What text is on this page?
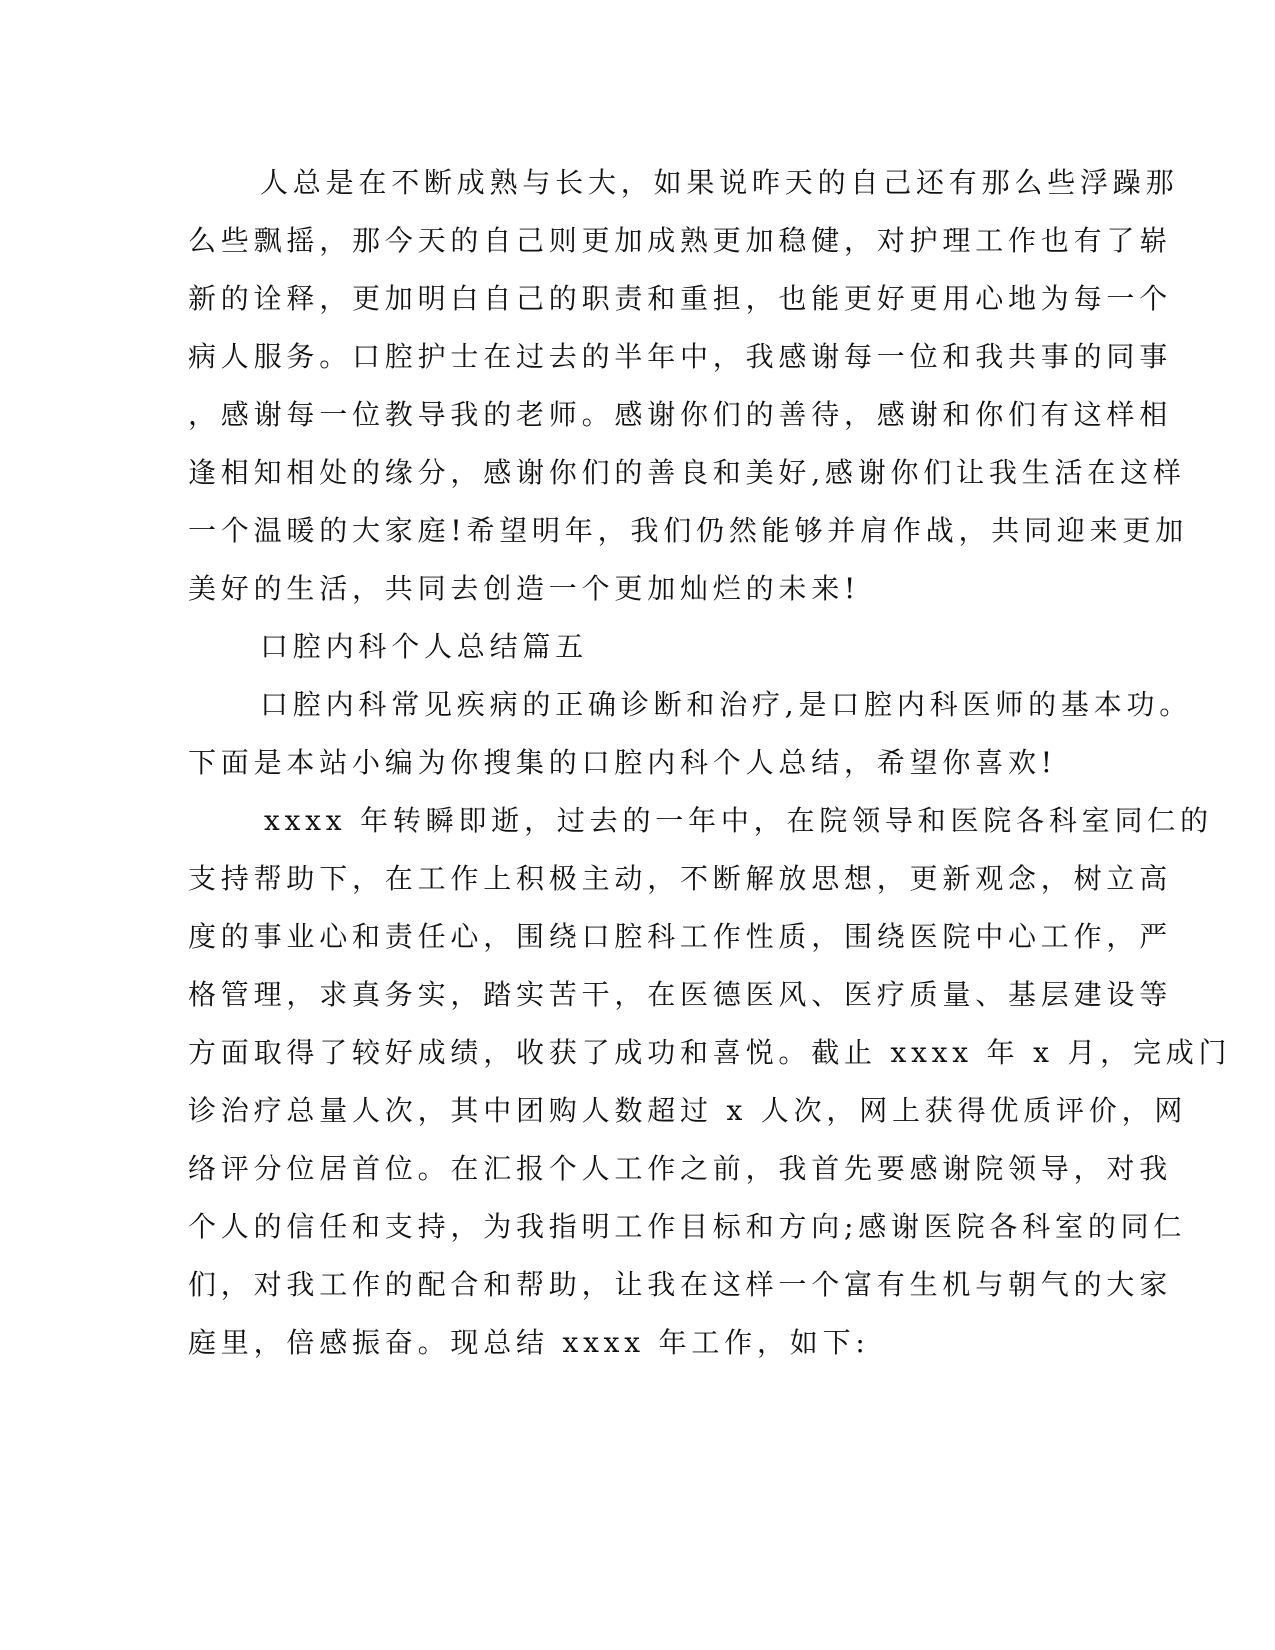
人总是在不断成熟与长大，如果说昨天的自己还有那么些浮躁那
么些飘摇，那今天的自己则更加成熟更加稳健，对护理工作也有了崭
新的诠释，更加明白自己的职责和重担，也能更好更用心地为每一个
病人服务。口腔护士在过去的半年中，我感谢每一位和我共事的同事
，感谢每一位教导我的老师。感谢你们的善待，感谢和你们有这样相
逢相知相处的缘分，感谢你们的善良和美好,感谢你们让我生活在这样
一个温暖的大家庭!希望明年，我们仍然能够并肩作战，共同迎来更加
美好的生活，共同去创造一个更加灿烂的未来!
口腔内科个人总结篇五
口腔内科常见疾病的正确诊断和治疗,是口腔内科医师的基本功。
下面是本站小编为你搜集的口腔内科个人总结，希望你喜欢!
xxxx 年转瞬即逝，过去的一年中，在院领导和医院各科室同仁的
支持帮助下，在工作上积极主动，不断解放思想，更新观念，树立高
度的事业心和责任心，围绕口腔科工作性质，围绕医院中心工作，严
格管理，求真务实，踏实苦干，在医德医风、医疗质量、基层建设等
方面取得了较好成绩，收获了成功和喜悦。截止 xxxx 年 x 月，完成门
诊治疗总量人次，其中团购人数超过 x 人次，网上获得优质评价，网
络评分位居首位。在汇报个人工作之前，我首先要感谢院领导，对我
个人的信任和支持，为我指明工作目标和方向;感谢医院各科室的同仁
们，对我工作的配合和帮助，让我在这样一个富有生机与朝气的大家
庭里，倍感振奋。现总结 xxxx 年工作，如下:
